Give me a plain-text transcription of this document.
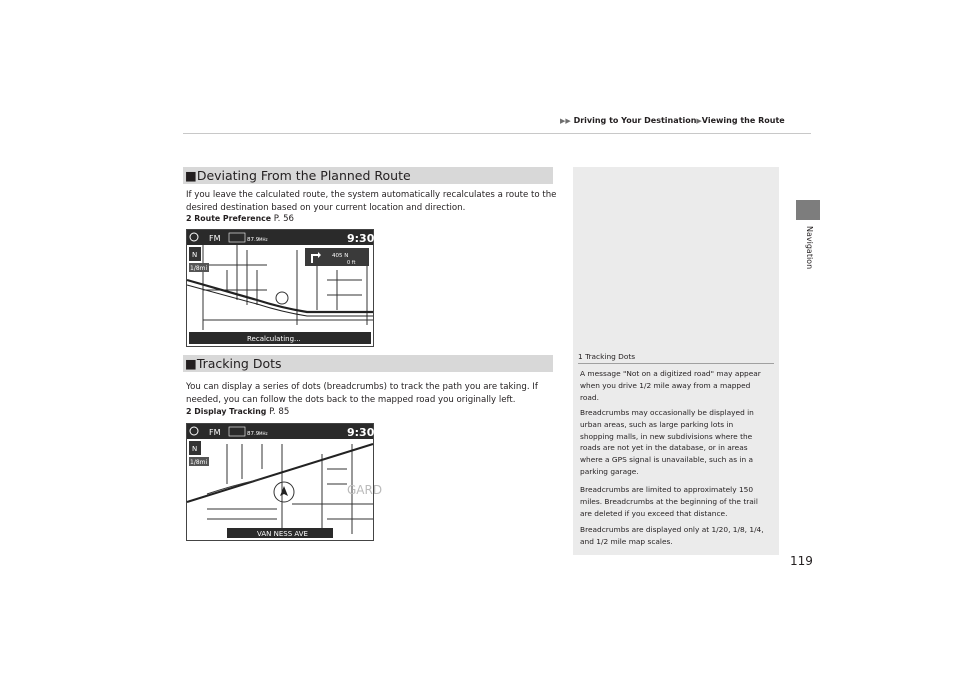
▶▶ Driving to Your Destination▶Viewing the Route
Navigation
■Deviating From the Planned Route
If you leave the calculated route, the system automatically recalculates a route to the
desired destination based on your current location and direction.
2 Route Preference P. 56
FM	87.9 MHz	9:30
N
1/8mi
405 N
0 ft
Recalculating...
■Tracking Dots
You can display a series of dots (breadcrumbs) to track the path you are taking. If
needed, you can follow the dots back to the mapped road you originally left.
2 Display Tracking P. 85
FM	87.9 MHz	9:30
GARD
N
1/8mi
VAN NESS AVE
1 Tracking Dots
A message "Not on a digitized road" may appear
when you drive 1/2 mile away from a mapped
road.
Breadcrumbs may occasionally be displayed in
urban areas, such as large parking lots in
shopping malls, in new subdivisions where the
roads are not yet in the database, or in areas
where a GPS signal is unavailable, such as in a
parking garage.
Breadcrumbs are limited to approximately 150
miles. Breadcrumbs at the beginning of the trail
are deleted if you exceed that distance.
Breadcrumbs are displayed only at 1/20, 1/8, 1/4,
and 1/2 mile map scales.
119
